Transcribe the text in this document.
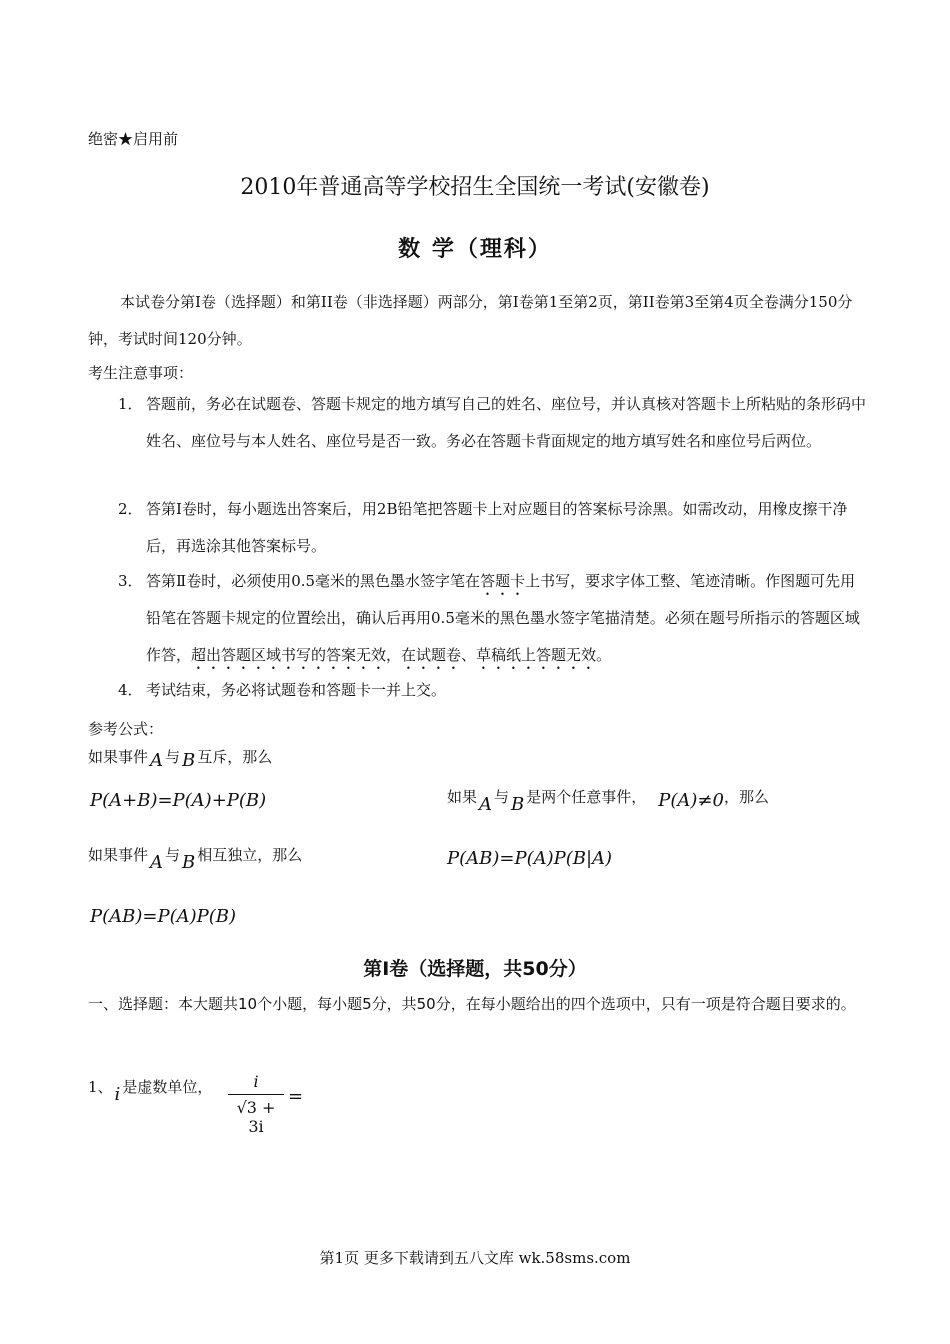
绝密★启用前
2010年普通高等学校招生全国统一考试(安徽卷)
数 学（理科）
本试卷分第I卷（选择题）和第II卷（非选择题）两部分，第I卷第1至第2页，第II卷第3至第4页全卷满分150分钟，考试时间120分钟。
考生注意事项：
1． 答题前，务必在试题卷、答题卡规定的地方填写自己的姓名、座位号，并认真核对答题卡上所粘贴的条形码中姓名、座位号与本人姓名、座位号是否一致。务必在答题卡背面规定的地方填写姓名和座位号后两位。
2． 答第Ⅰ卷时，每小题选出答案后，用2B铅笔把答题卡上对应题目的答案标号涂黑。如需改动，用橡皮擦干净后，再选涂其他答案标号。
3． 答第Ⅱ卷时，必须使用0.5毫米的黑色墨水签字笔在答题卡上书写，要求字体工整、笔迹清晰。作图题可先用铅笔在答题卡规定的位置绘出，确认后再用0.5毫米的黑色墨水签字笔描清楚。必须在题号所指示的答题区域作答，超出答题区域书写的答案无效，在试题卷、草稿纸上答题无效。
4． 考试结束，务必将试题卷和答题卡一并上交。
参考公式：
如果事件 A 与 B 互斥，那么
P(A+B)=P(A)+P(B)	如果 A 与 B 是两个任意事件， P(A)≠0，那么
如果事件 A 与 B 相互独立，那么	P(AB)=P(A)P(B|A)
P(AB)=P(A)P(B)
第Ⅰ卷（选择题，共50分）
一、选择题：本大题共10个小题，每小题5分，共50分，在每小题给出的四个选项中，只有一项是符合题目要求的。
1、 i 是虚数单位，	i
√3 + 3i
=
第1页 更多下载请到五八文库 wk.58sms.com
